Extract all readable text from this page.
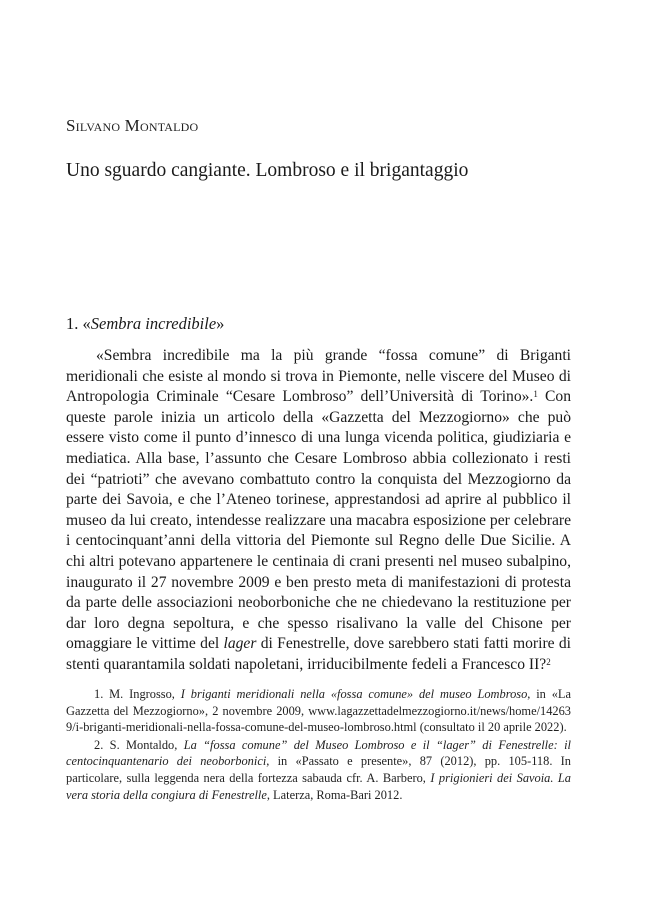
Silvano Montaldo
Uno sguardo cangiante. Lombroso e il brigantaggio
1. «Sembra incredibile»
«Sembra incredibile ma la più grande “fossa comune” di Briganti meridionali che esiste al mondo si trova in Piemonte, nelle viscere del Museo di Antropologia Criminale “Cesare Lombroso” dell’Università di Torino».$^1$ Con queste parole inizia un articolo della «Gazzetta del Mezzogiorno» che può essere visto come il punto d’innesco di una lunga vicenda politica, giudiziaria e mediatica. Alla base, l’assunto che Cesare Lombroso abbia collezionato i resti dei “patrioti” che avevano combattuto contro la conquista del Mezzogiorno da parte dei Savoia, e che l’Ateneo torinese, apprestandosi ad aprire al pubblico il museo da lui creato, intendesse realizzare una macabra esposizione per celebrare i centocinquant’anni della vittoria del Piemonte sul Regno delle Due Sicilie. A chi altri potevano appartenere le centinaia di crani presenti nel museo subalpino, inaugurato il 27 novembre 2009 e ben presto meta di manifestazioni di protesta da parte delle associazioni neoborboniche che ne chiedevano la restituzione per dar loro degna sepoltura, e che spesso risalivano la valle del Chisone per omaggiare le vittime del lager di Fenestrelle, dove sarebbero stati fatti morire di stenti quarantamila soldati napoletani, irriducibilmente fedeli a Francesco II?$^2$
1. M. Ingrosso, I briganti meridionali nella «fossa comune» del museo Lombroso, in «La Gazzetta del Mezzogiorno», 2 novembre 2009, www.lagazzettadelmezzogiorno.it/news/home/142639/i-briganti-meridionali-nella-fossa-comune-del-museo-lombroso.html (consultato il 20 aprile 2022).
2. S. Montaldo, La “fossa comune” del Museo Lombroso e il “lager” di Fenestrelle: il centocinquantenario dei neoborbonici, in «Passato e presente», 87 (2012), pp. 105-118. In particolare, sulla leggenda nera della fortezza sabauda cfr. A. Barbero, I prigionieri dei Savoia. La vera storia della congiura di Fenestrelle, Laterza, Roma-Bari 2012.
